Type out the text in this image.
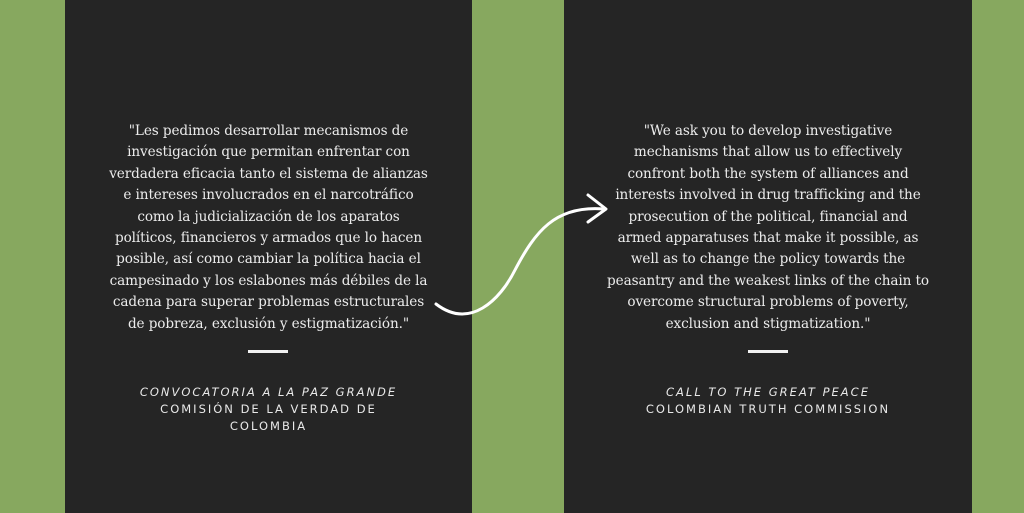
"Les pedimos desarrollar mecanismos de
investigación que permitan enfrentar con
verdadera eficacia tanto el sistema de alianzas
e intereses involucrados en el narcotráfico
como la judicialización de los aparatos
políticos, financieros y armados que lo hacen
posible, así como cambiar la política hacia el
campesinado y los eslabones más débiles de la
cadena para superar problemas estructurales
de pobreza, exclusión y estigmatización."

CONVOCATORIA A LA PAZ GRANDE
COMISIÓN DE LA VERDAD DE
COLOMBIA

"We ask you to develop investigative
mechanisms that allow us to effectively
confront both the system of alliances and
interests involved in drug trafficking and the
prosecution of the political, financial and
armed apparatuses that make it possible, as
well as to change the policy towards the
peasantry and the weakest links of the chain to
overcome structural problems of poverty,
exclusion and stigmatization."

CALL TO THE GREAT PEACE
COLOMBIAN TRUTH COMMISSION
